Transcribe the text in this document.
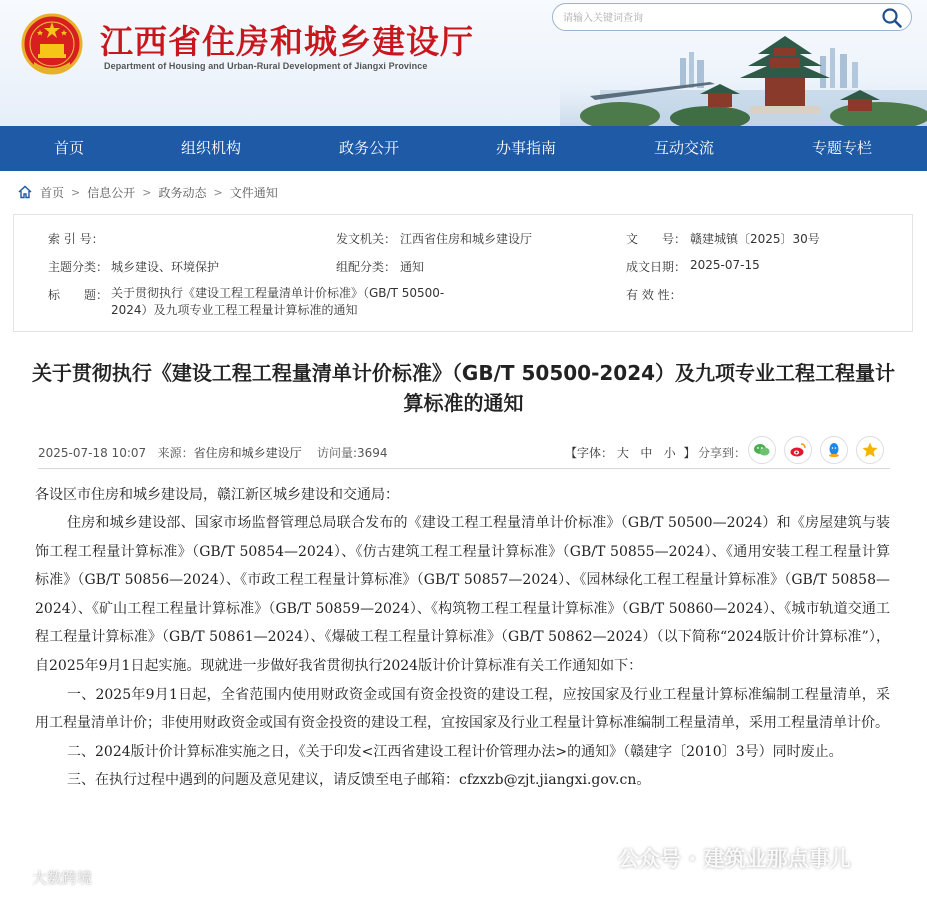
江西省住房和城乡建设厅
Department of Housing and Urban-Rural Development of Jiangxi Province
请输入关键词查询
首页	组织机构	政务公开	办事指南	互动交流	专题专栏
首页 > 信息公开 > 政务动态 > 文件通知
索 引 号：	发文机关： 江西省住房和城乡建设厅	文　　号： 赣建城镇〔2025〕30号
主题分类： 城乡建设、环境保护	组配分类： 通知	成文日期： 2025-07-15
标　　题： 关于贯彻执行《建设工程工程量清单计价标准》（GB/T 50500-2024）及九项专业工程工程量计算标准的通知
有 效 性：
关于贯彻执行《建设工程工程量清单计价标准》（GB/T 50500-2024）及九项专业工程工程量计算标准的通知
2025-07-18 10:07 来源：省住房和城乡建设厅 访问量:3694	【字体： 大 中 小 】 分享到：
各设区市住房和城乡建设局，赣江新区城乡建设和交通局：

住房和城乡建设部、国家市场监督管理总局联合发布的《建设工程工程量清单计价标准》（GB/T 50500—2024）和《房屋建筑与装饰工程工程量计算标准》（GB/T 50854—2024）、《仿古建筑工程工程量计算标准》（GB/T 50855—2024）、《通用安装工程工程量计算标准》（GB/T 50856—2024）、《市政工程工程量计算标准》（GB/T 50857—2024）、《园林绿化工程工程量计算标准》（GB/T 50858—2024）、《矿山工程工程量计算标准》（GB/T 50859—2024）、《构筑物工程工程量计算标准》（GB/T 50860—2024）、《城市轨道交通工程工程量计算标准》（GB/T 50861—2024）、《爆破工程工程量计算标准》（GB/T 50862—2024）（以下简称“2024版计价计算标准”），自2025年9月1日起实施。现就进一步做好我省贯彻执行2024版计价计算标准有关工作通知如下：

一、2025年9月1日起，全省范围内使用财政资金或国有资金投资的建设工程，应按国家及行业工程量计算标准编制工程量清单，采用工程量清单计价；非使用财政资金或国有资金投资的建设工程，宜按国家及行业工程量计算标准编制工程量清单，采用工程量清单计价。

二、2024版计价计算标准实施之日，《关于印发<江西省建设工程计价管理办法>的通知》（赣建字〔2010〕3号）同时废止。

三、在执行过程中遇到的问题及意见建议，请反馈至电子邮箱：cfzxzb@zjt.jiangxi.gov.cn。

大数跨境
公众号 · 建筑业那点事儿
